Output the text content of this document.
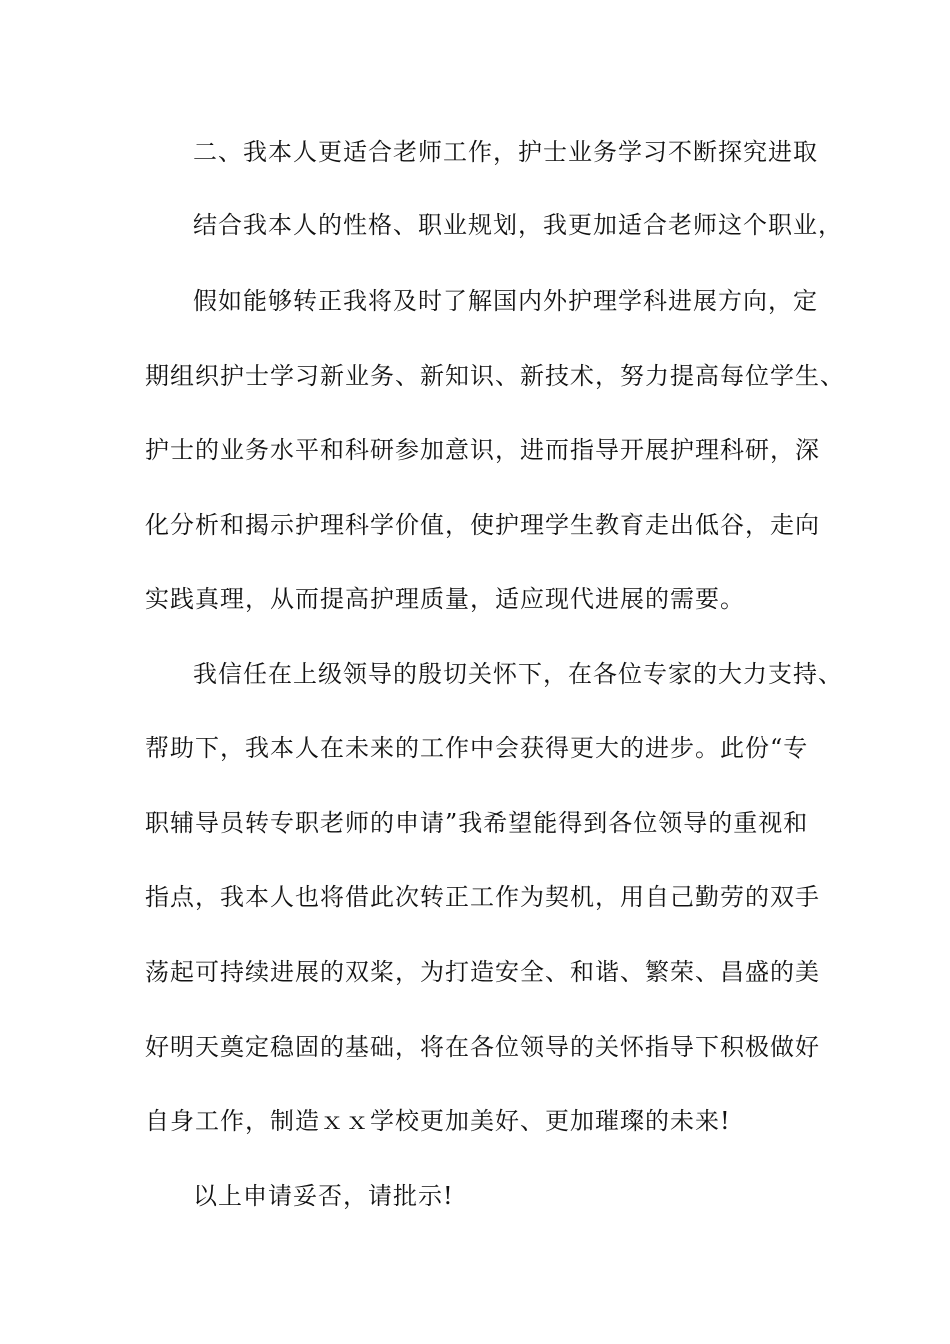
二、我本人更适合老师工作，护士业务学习不断探究进取
结合我本人的性格、职业规划，我更加适合老师这个职业，
假如能够转正我将及时了解国内外护理学科进展方向，定
期组织护士学习新业务、新知识、新技术，努力提高每位学生、
护士的业务水平和科研参加意识，进而指导开展护理科研，深
化分析和揭示护理科学价值，使护理学生教育走出低谷，走向
实践真理，从而提高护理质量，适应现代进展的需要。
我信任在上级领导的殷切关怀下，在各位专家的大力支持、
帮助下，我本人在未来的工作中会获得更大的进步。此份“专
职辅导员转专职老师的申请”我希望能得到各位领导的重视和
指点，我本人也将借此次转正工作为契机，用自己勤劳的双手
荡起可持续进展的双桨，为打造安全、和谐、繁荣、昌盛的美
好明天奠定稳固的基础，将在各位领导的关怀指导下积极做好
自身工作，制造ｘｘ学校更加美好、更加璀璨的未来!
以上申请妥否，请批示!
